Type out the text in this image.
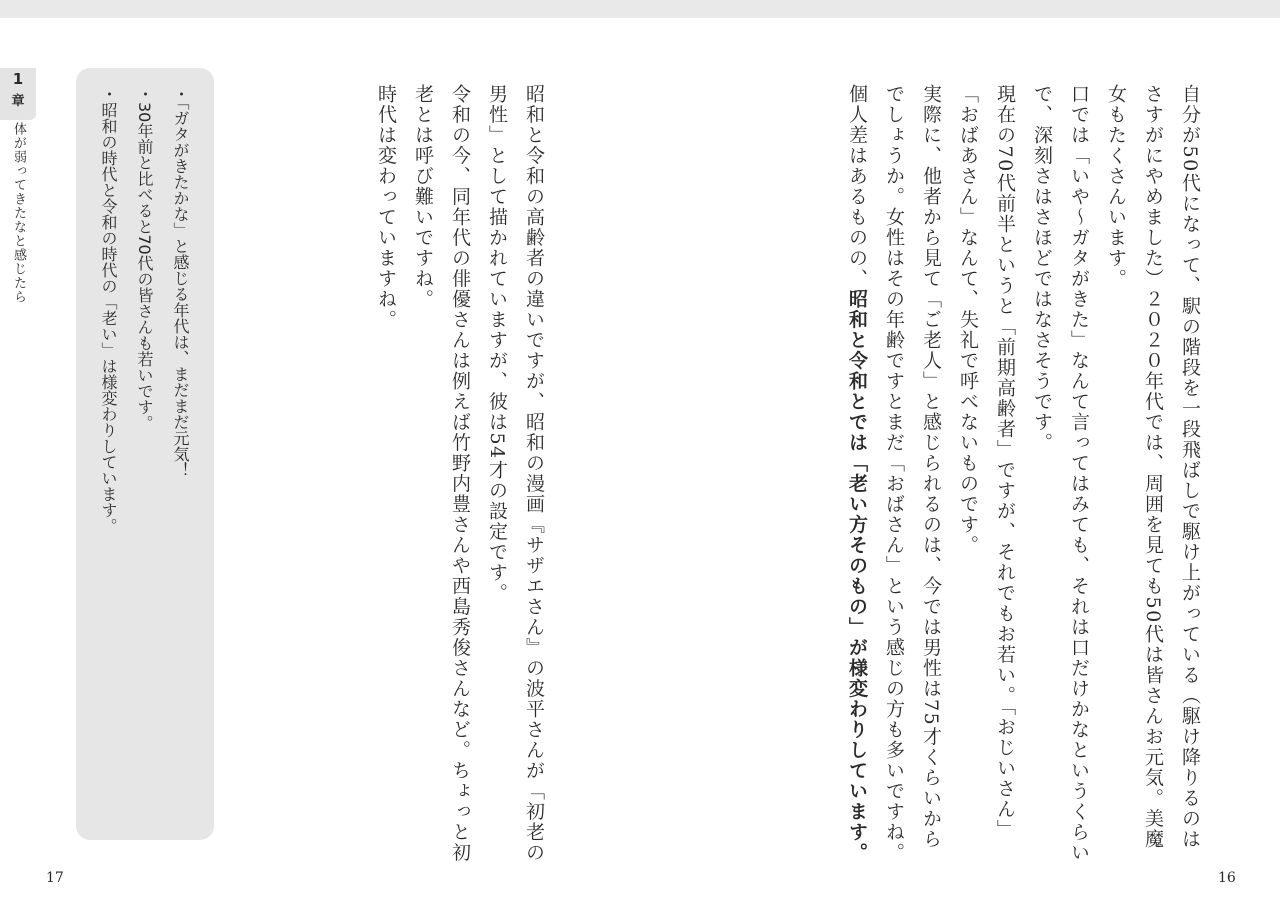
1
章
体が弱ってきたなと感じたら	・「ガタがきたかな」と感じる年代は、まだまだ元気！
・30年前と比べると70代の皆さんも若いです。
・昭和の時代と令和の時代の「老い」は様変わりしています。	自分が50代になって、駅の階段を一段飛ばしで駆け上がっている（駆け降りるのはさすがにやめました）２０２０年代では、周囲を見ても50代は皆さんお元気。美魔女もたくさんいます。
口では「いや〜ガタがきた」なんて言ってはみても、それは口だけかなというくらいで、深刻さはさほどではなさそうです。
現在の70代前半というと「前期高齢者」ですが、それでもお若い。「おじいさん」「おばあさん」なんて、失礼で呼べないものです。
実際に、他者から見て「ご老人」と感じられるのは、今では男性は75才くらいからでしょうか。女性はその年齢ですとまだ「おばさん」という感じの方も多いですね。
個人差はあるものの、昭和と令和とでは「老い方そのもの」が様変わりしています。
昭和と令和の高齢者の違いですが、昭和の漫画『サザエさん』の波平さんが「初老の男性」として描かれていますが、彼は54才の設定です。
令和の今、同年代の俳優さんは例えば竹野内豊さんや西島秀俊さんなど。ちょっと初老とは呼び難いですね。
時代は変わっていますね。
17	16
